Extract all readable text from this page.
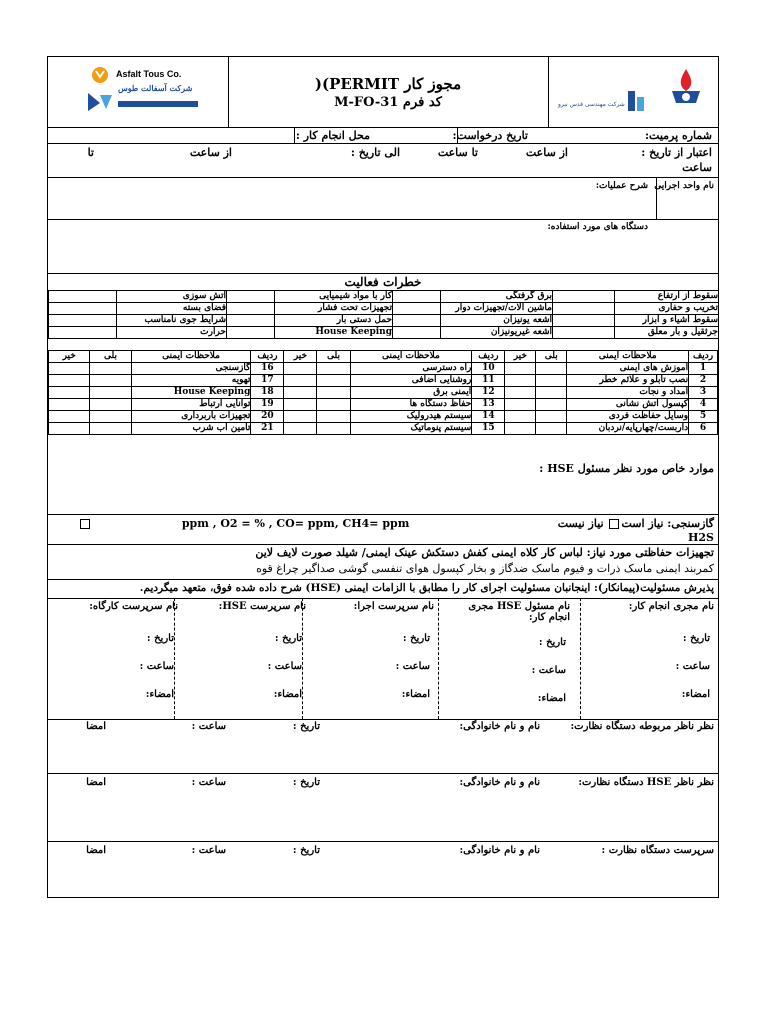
Asfalt Tous Co.
شرکت آسفالت طوس	مجوز کار PERMIT)(
کد فرم M-FO-31	شرکت مهندسی قدس نیرو
شماره پرمیت:
تاریخ درخواست:
محل انجام کار :
اعتبار از تاریخ :
از ساعت
تا ساعت
الی تاریخ :
از ساعت
تا
ساعت
نام واحد اجرایی
شرح عملیات:
دستگاه های مورد استفاده:
خطرات فعالیت
سقوط از ارتفاع		برق گرفتگی		کار با مواد شیمیایی		اتش سوزی	
تخریب و حفاری		ماشین الات/تجهیزات دوار		تجهیزات تحت فشار		فضای بسته	
سقوط اشیاء و ابزار		اشعه یونیزان		حمل دستی بار		شرایط جوی نامناسب	
جرثقیل و بار معلق		اشعه غیریونیزان		House Keeping		حرارت	
ردیف	ملاحظات ایمنی	بلی	خیر	ردیف	ملاحظات ایمنی	بلی	خیر	ردیف	ملاحظات ایمنی	بلی	خیر
1	اموزش های ایمنی			10	راه دسترسی			16	گازسنجی		
2	نصب تابلو و علائم خطر			11	روشنایی اضافی			17	تهویه		
3	امداد و نجات			12	ایمنی برق			18	House Keeping		
4	کپسول اتش نشانی			13	حفاظ دستگاه ها			19	توانایی ارتباط		
5	وسایل حفاظت فردی			14	سیستم هیدرولیک			20	تجهیزات باربرداری		
6	داربست/چهارپایه/نردبان			15	سیستم پنوماتیک			21	تامین اب شرب		
موارد خاص مورد نظر مسئول HSE :
گازسنجی: نیاز است نیاز نیست
ppm , O2 = % , CO= ppm, CH4= ppm
H2S
تجهیزات حفاظتی مورد نیاز: لباس کار کلاه ایمنی کفش دستکش عینک ایمنی/ شیلد صورت لایف لاین
کمربند ایمنی ماسک ذرات و فیوم ماسک ضدگاز و بخار کپسول هوای تنفسی گوشی صداگیر چراغ قوه
پذیرش مسئولیت(پیمانکار): اینجانبان مسئولیت اجرای کار را مطابق با الزامات ایمنی (HSE) شرح داده شده فوق، متعهد میگردیم.
نام مجری انجام کار:
تاریخ :
ساعت :
امضاء:
نام مسئول HSE مجری انجام کار:
تاریخ :
ساعت :
امضاء:
نام سرپرست اجرا:
تاریخ :
ساعت :
امضاء:
نام سرپرست HSE:
تاریخ :
ساعت :
امضاء:
نام سرپرست کارگاه:
تاریخ :
ساعت :
امضاء:
نظر ناظر مربوطه دستگاه نظارت:
نام و نام خانوادگی:
تاریخ :
ساعت :
امضا
نظر ناظر HSE دستگاه نظارت:
نام و نام خانوادگی:
تاریخ :
ساعت :
امضا
سرپرست دستگاه نظارت :
نام و نام خانوادگی:
تاریخ :
ساعت :
امضا
